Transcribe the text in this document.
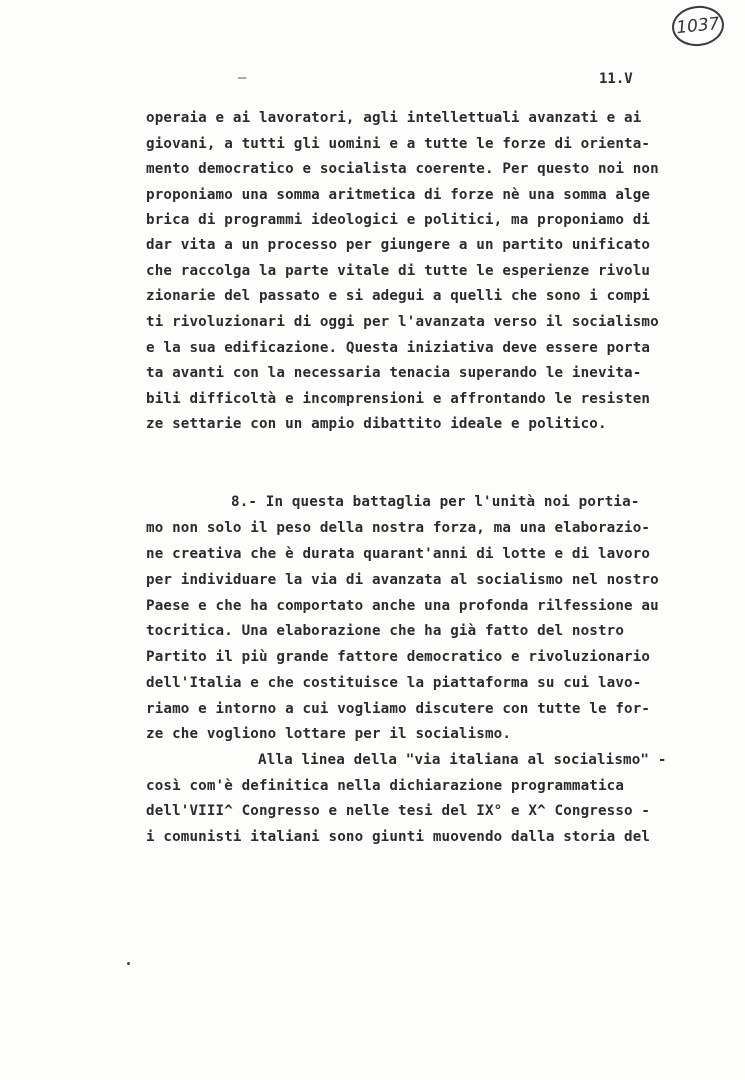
1037
–	11.V
operaia e ai lavoratori, agli intellettuali avanzati e ai
giovani, a tutti gli uomini e a tutte le forze di orienta-
mento democratico e socialista coerente. Per questo noi non
proponiamo una somma aritmetica di forze nè una somma alge
brica di programmi ideologici e politici, ma proponiamo di
dar vita a un processo per giungere a un partito unificato
che raccolga la parte vitale di tutte le esperienze rivolu
zionarie del passato e si adegui a quelli che sono i compi
ti rivoluzionari di oggi per l'avanzata verso il socialismo
e la sua edificazione. Questa iniziativa deve essere porta
ta avanti con la necessaria tenacia superando le inevita-
bili difficoltà e incomprensioni e affrontando le resisten
ze settarie con un ampio dibattito ideale e politico.
8.- In questa battaglia per l'unità noi portia-
mo non solo il peso della nostra forza, ma una elaborazio-
ne creativa che è durata quarant'anni di lotte e di lavoro
per individuare la via di avanzata al socialismo nel nostro
Paese e che ha comportato anche una profonda rilfessione au
tocritica. Una elaborazione che ha già fatto del nostro
Partito il più grande fattore democratico e rivoluzionario
dell'Italia e che costituisce la piattaforma su cui lavo-
riamo e intorno a cui vogliamo discutere con tutte le for-
ze che vogliono lottare per il socialismo.
Alla linea della "via italiana al socialismo" -
così com'è definitica nella dichiarazione programmatica
dell'VIII^ Congresso e nelle tesi del IX° e X^ Congresso -
i comunisti italiani sono giunti muovendo dalla storia del
